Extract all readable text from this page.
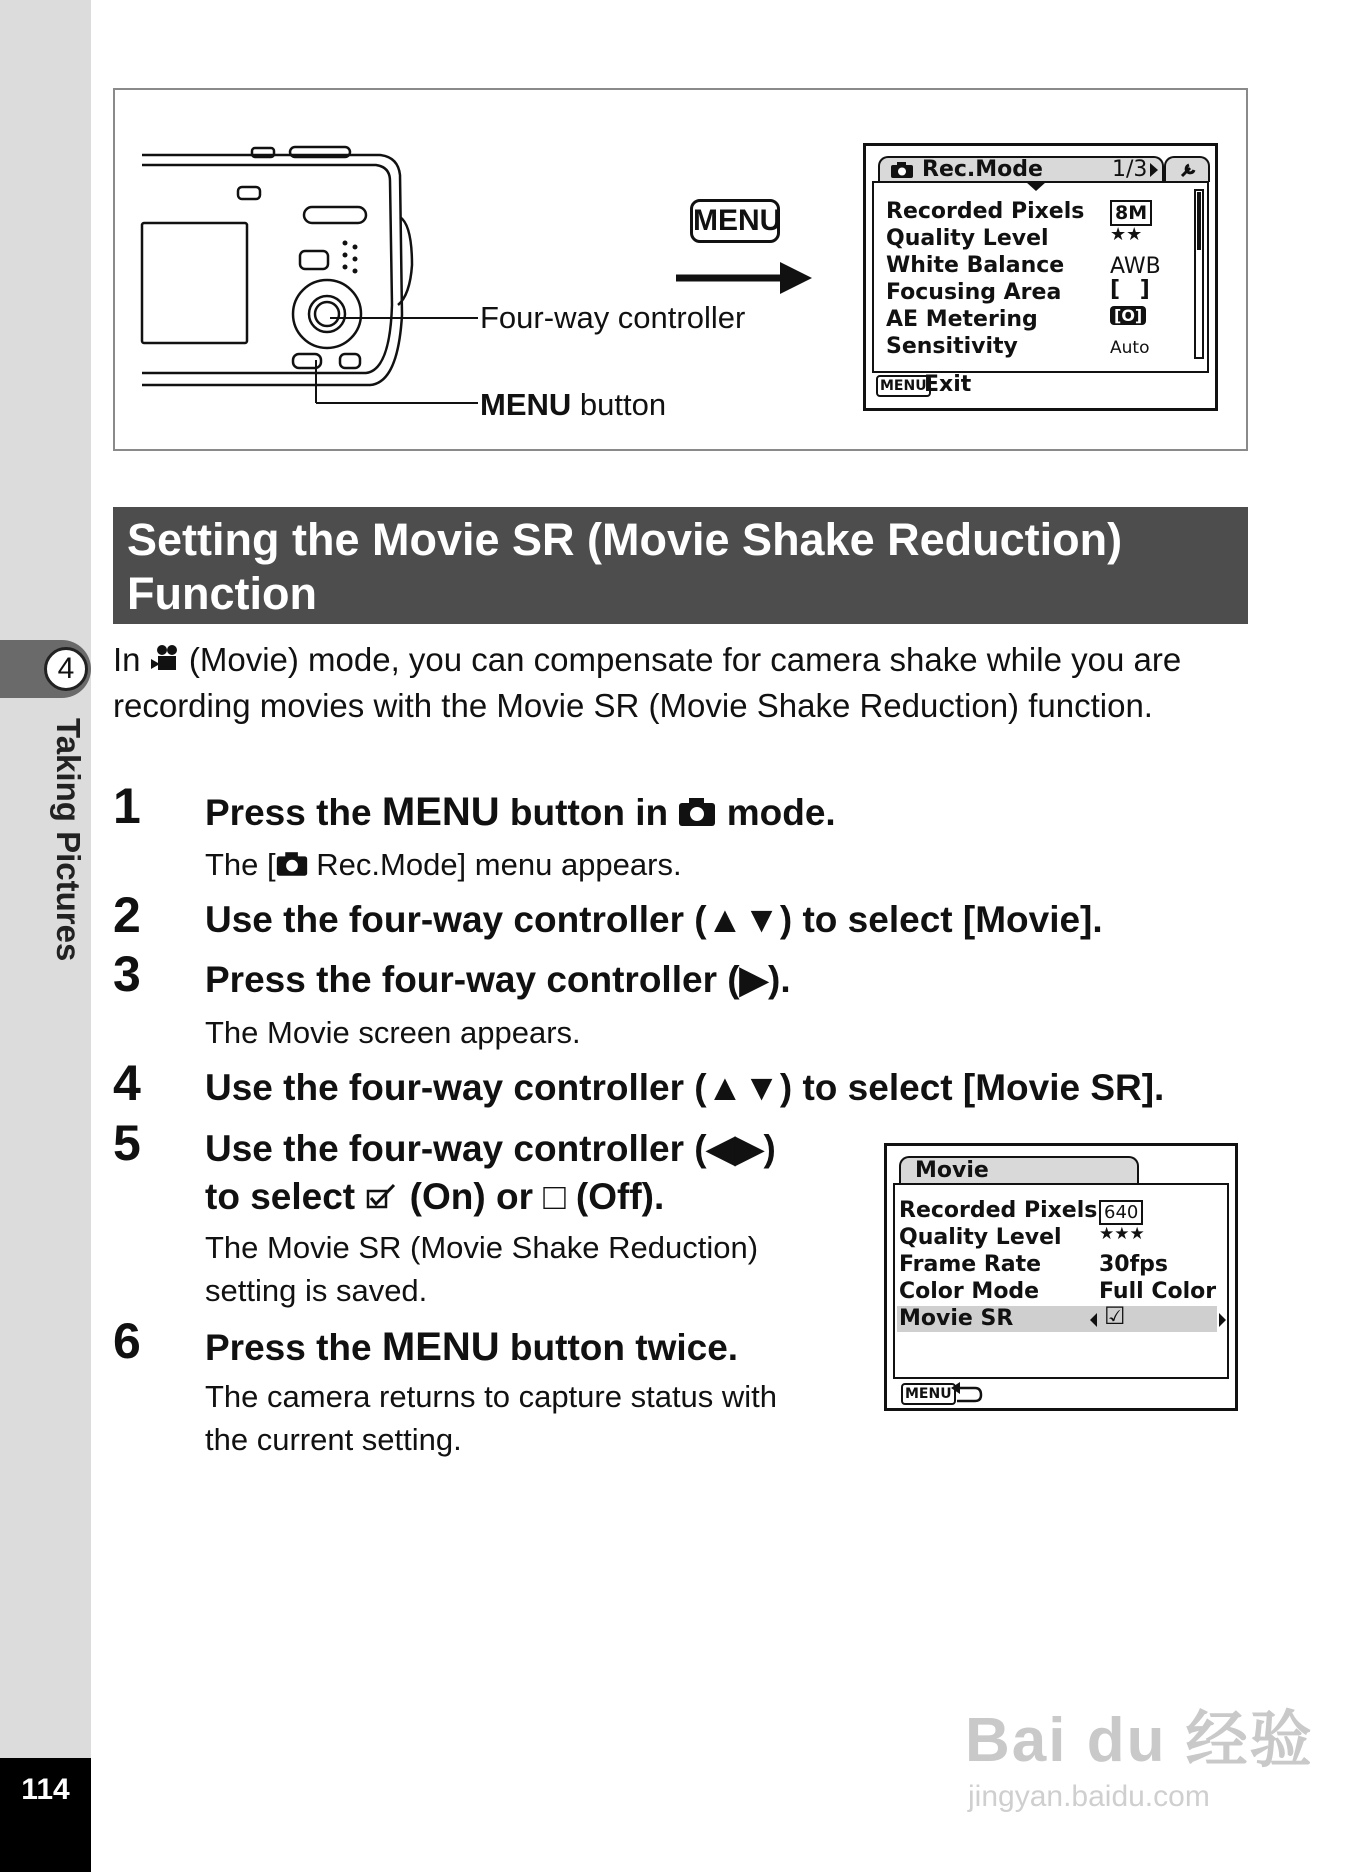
4
Taking Pictures
114
Four-way controller
MENU button
MENU
Rec.Mode	1/3
Recorded Pixels
Quality Level
White Balance
Focusing Area
AE Metering
Sensitivity
8M
★★
AWB
[ ]
[O]
Auto
MENU
Exit
Setting the Movie SR (Movie Shake Reduction) Function
In  (Movie) mode, you can compensate for camera shake while you are recording movies with the Movie SR (Movie Shake Reduction) function.
1 Press the MENU button in  mode.
The [ Rec.Mode] menu appears.
2 Use the four-way controller (▲▼) to select [Movie].
3 Press the four-way controller (▶).
The Movie screen appears.
4 Use the four-way controller (▲▼) to select [Movie SR].
5 Use the four-way controller (◀▶)
to select  (On) or □ (Off).
The Movie SR (Movie Shake Reduction)
setting is saved.
6 Press the MENU button twice.
The camera returns to capture status with
the current setting.
Movie
Recorded Pixels
Quality Level
Frame Rate
Color Mode
Movie SR
640
★★★
30fps
Full Color
☑
MENU
Bai du 经验
jingyan.baidu.com
